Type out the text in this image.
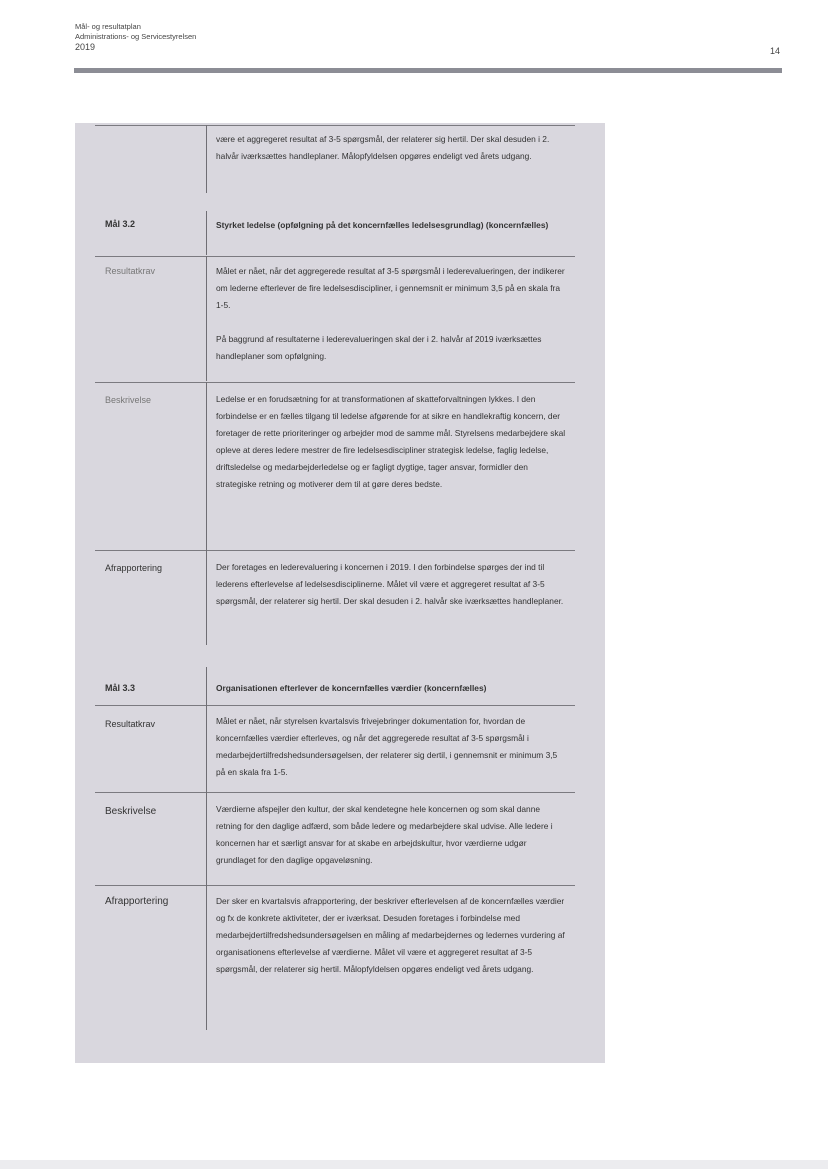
Mål- og resultatplan
Administrations- og Servicestyrelsen
2019	14

være et aggregeret resultat af 3-5 spørgsmål, der relaterer sig hertil. Der skal desuden i 2. halvår iværksættes handleplaner. Målopfyldelsen opgøres endeligt ved årets udgang.

Mål 3.2	Styrket ledelse (opfølgning på det koncernfælles ledelsesgrundlag) (koncernfælles)
Resultatkrav	Målet er nået, når det aggregerede resultat af 3-5 spørgsmål i lederevalueringen, der indikerer om lederne efterlever de fire ledelsesdiscipliner, i gennemsnit er minimum 3,5 på en skala fra 1-5.

På baggrund af resultaterne i lederevalueringen skal der i 2. halvår af 2019 iværksættes handleplaner som opfølgning.

Beskrivelse	Ledelse er en forudsætning for at transformationen af skatteforvaltningen lykkes. I den forbindelse er en fælles tilgang til ledelse afgørende for at sikre en handlekraftig koncern, der foretager de rette prioriteringer og arbejder mod de samme mål. Styrelsens medarbejdere skal opleve at deres ledere mestrer de fire ledelsesdiscipliner strategisk ledelse, faglig ledelse, driftsledelse og medarbejderledelse og er fagligt dygtige, tager ansvar, formidler den strategiske retning og motiverer dem til at gøre deres bedste.

Afrapportering	Der foretages en lederevaluering i koncernen i 2019. I den forbindelse spørges der ind til lederens efterlevelse af ledelsesdisciplinerne. Målet vil være et aggregeret resultat af 3-5 spørgsmål, der relaterer sig hertil. Der skal desuden i 2. halvår ske iværksættes handleplaner.

Mål 3.3	Organisationen efterlever de koncernfælles værdier (koncernfælles)
Resultatkrav	Målet er nået, når styrelsen kvartalsvis frivejebringer dokumentation for, hvordan de koncernfælles værdier efterleves, og når det aggregerede resultat af 3-5 spørgsmål i medarbejdertilfredshedsundersøgelsen, der relaterer sig dertil, i gennemsnit er minimum 3,5 på en skala fra 1-5.

Beskrivelse	Værdierne afspejler den kultur, der skal kendetegne hele koncernen og som skal danne retning for den daglige adfærd, som både ledere og medarbejdere skal udvise. Alle ledere i koncernen har et særligt ansvar for at skabe en arbejdskultur, hvor værdierne udgør grundlaget for den daglige opgaveløsning.

Afrapportering	Der sker en kvartalsvis afrapportering, der beskriver efterlevelsen af de koncernfælles værdier og fx de konkrete aktiviteter, der er iværksat. Desuden foretages i forbindelse med medarbejdertilfredshedsundersøgelsen en måling af medarbejdernes og ledernes vurdering af organisationens efterlevelse af værdierne. Målet vil være et aggregeret resultat af 3-5 spørgsmål, der relaterer sig hertil. Målopfyldelsen opgøres endeligt ved årets udgang.
